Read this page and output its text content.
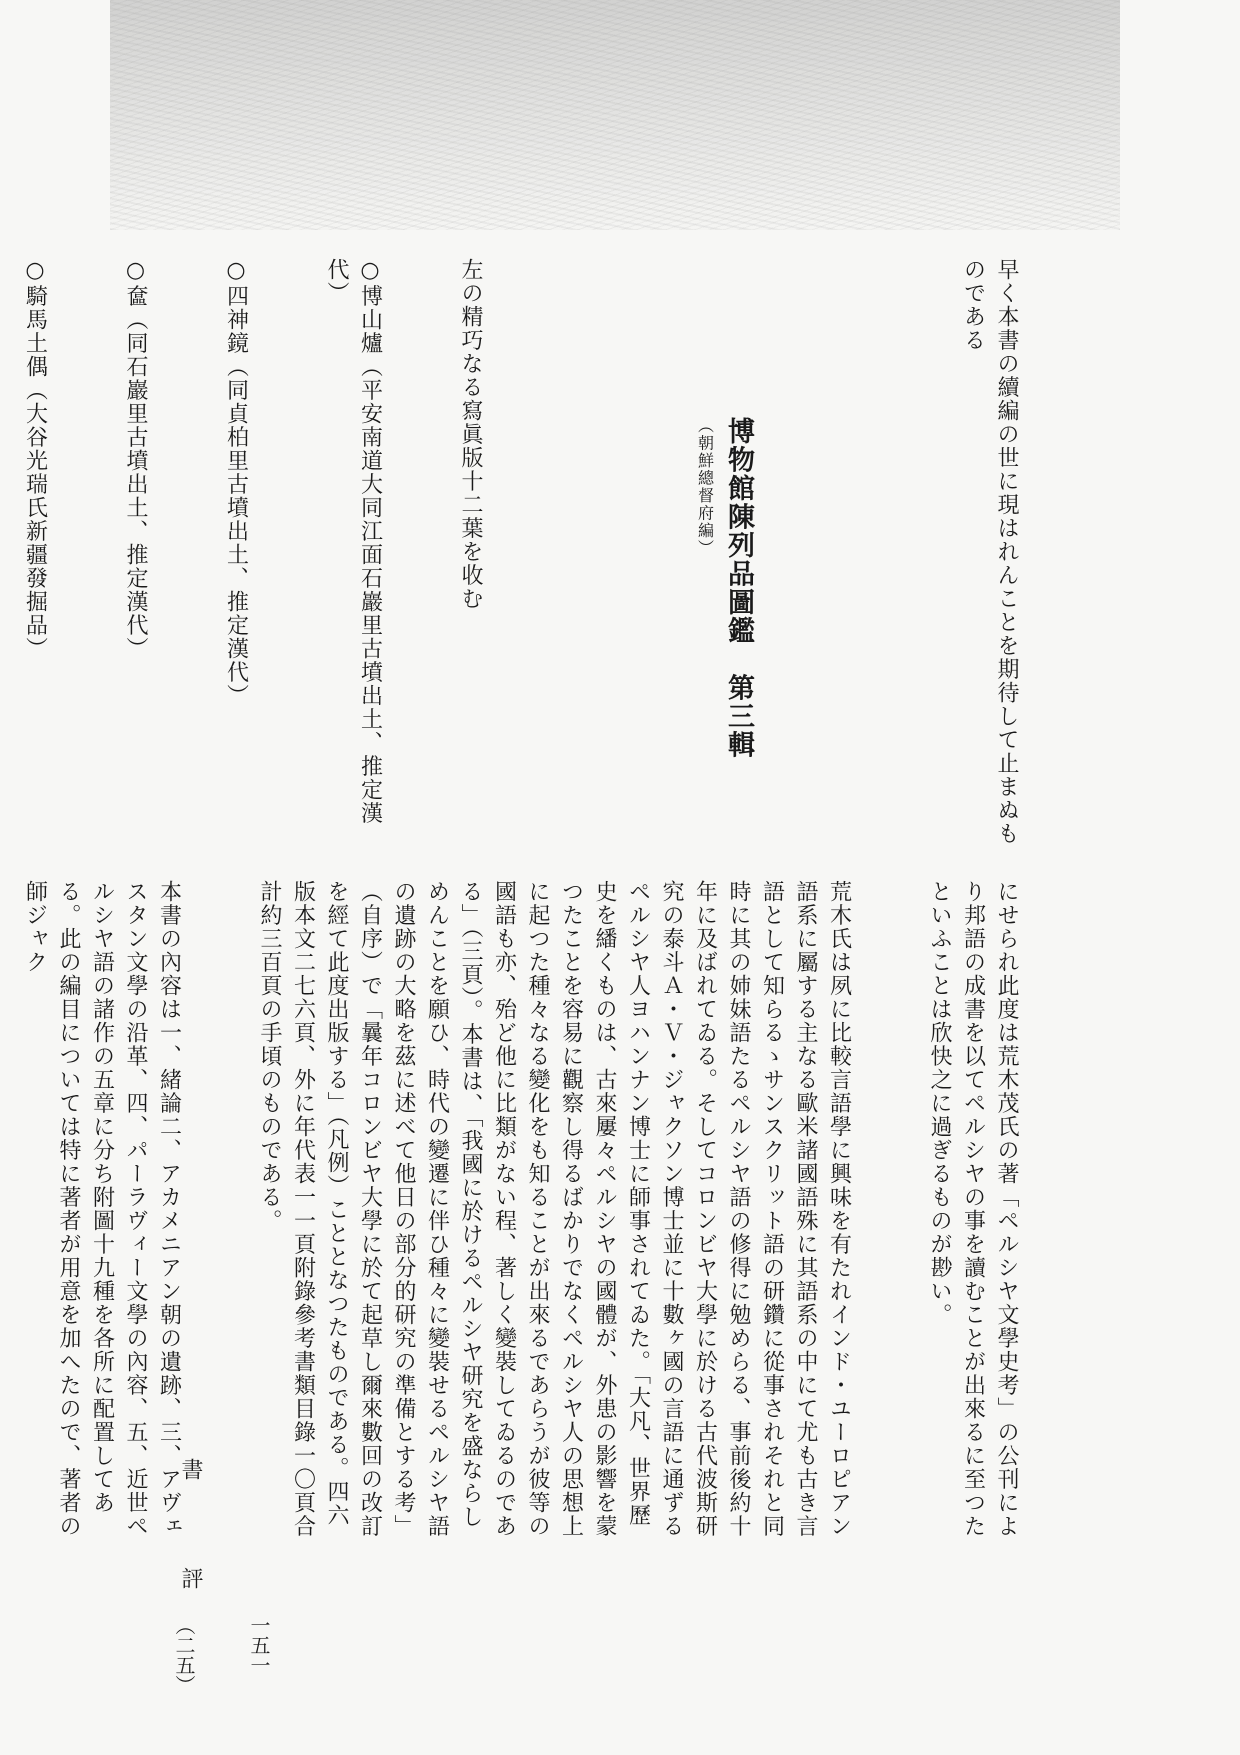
早く本書の續編の世に現はれんことを期待して止まぬものである

博物館陳列品圖鑑　第三輯
（朝鮮總督府編）

左の精巧なる寫眞版十二葉を收む

○博山爐（平安南道大同江面石巖里古墳出土、推定漢代）

○四神鏡（同貞柏里古墳出土、推定漢代）

○奩（同石巖里古墳出土、推定漢代）

○騎馬土偶（大谷光瑞氏新疆發掘品）

にせられ此度は荒木茂氏の著「ペルシヤ文學史考」の公刊により邦語の成書を以てペルシヤの事を讀むことが出來るに至つたといふことは欣快之に過ぎるものが尠い。

荒木氏は夙に比較言語學に興味を有たれインド・ユーロピアン語系に屬する主なる歐米諸國語殊に其語系の中にて尤も古き言語として知らるゝサンスクリット語の研鑽に從事されそれと同時に其の姉妹語たるペルシヤ語の修得に勉めらる、事前後約十年に及ばれてゐる。そしてコロンビヤ大學に於ける古代波斯研究の泰斗Ａ・Ｖ・ジャクソン博士並に十數ヶ國の言語に通ずるペルシヤ人ヨハンナン博士に師事されてゐた。「大凡、世界歷史を繙くものは、古來屢々ペルシヤの國體が、外患の影響を蒙つたことを容易に觀察し得るばかりでなくペルシヤ人の思想上に起つた種々なる變化をも知ることが出來るであらうが彼等の國語も亦、殆ど他に比類がない程、著しく變裝してゐるのである」（三頁）。本書は、「我國に於けるペルシヤ研究を盛ならしめんことを願ひ、時代の變遷に伴ひ種々に變裝せるペルシヤ語の遺跡の大略を茲に述べて他日の部分的研究の準備とする考」（自序）で「曩年コロンビヤ大學に於て起草し爾來數回の改訂を經て此度出版する」（凡例）こととなつたものである。四六版本文二七六頁、外に年代表一一頁附錄參考書類目錄一〇頁合計約三百頁の手頃のものである。

本書の內容は一、緒論二、アカメニアン朝の遺跡、三、アヴェスタン文學の沿革、四、パーラヴィー文學の內容、五、近世ペルシヤ語の諸作の五章に分ち附圖十九種を各所に配置してある。此の編目については特に著者が用意を加へたので、著者の師ジャク

書 評
（二五）	一五一
